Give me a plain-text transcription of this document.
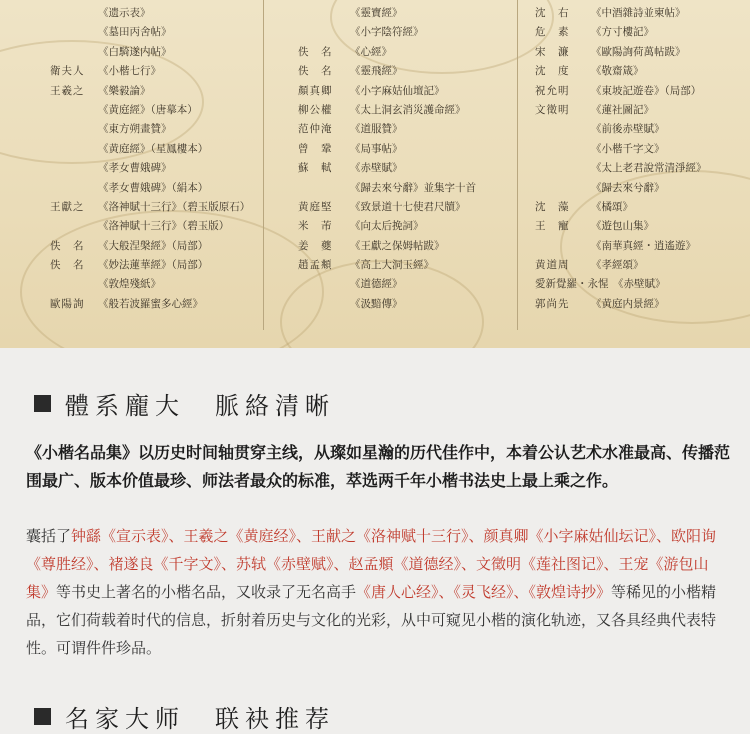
《遗示表》
《墓田丙舍帖》
《白騎遂内帖》
衛夫人	《小楷七行》
王羲之	《樂毅論》
《黄庭經》（唐摹本）
《東方朔畫贊》
《黄庭經》（星鳳樓本）
《孝女曹娥碑》
《孝女曹娥碑》（絹本）
王獻之	《洛神賦十三行》（碧玉版原石）
《洛神賦十三行》（碧玉版）
佚　名	《大般涅槃經》（局部）
佚　名	《妙法蓮華經》（局部）
《敦煌殘紙》
歐陽詢	《般若波羅蜜多心經》
《靈寶經》
《小字陰符經》
佚　名	《心經》
佚　名	《靈飛經》
顏真卿	《小字麻姑仙壇記》
柳公權	《太上洞玄消災護命經》
范仲淹	《道服贊》
曾　鞏	《局事帖》
蘇　軾	《赤壁賦》
《歸去來兮辭》並集字十首
黄庭堅	《致景道十七使君尺牘》
米　芾	《向太后挽詞》
姜　夔	《王獻之保姆帖跋》
趙孟頫	《高上大洞玉經》
《道德經》
《汲黯傳》
沈　右	《中酒雜詩並柬帖》
危　素	《方寸樓記》
宋　濂	《歐陽詢荷萬帖跋》
沈　度	《敬齋箴》
祝允明	《東坡記遊卷》（局部）
文徵明	《蓮社圖記》
《前後赤壁賦》
《小楷千字文》
《太上老君說常清淨經》
《歸去來兮辭》
沈　藻	《橘頌》
王　寵	《遊包山集》
《南華真經・逍遙遊》
黄道周	《孝經頌》
愛新覺羅・永惺 《赤壁賦》
郭尚先	《黄庭内景經》
體系龐大　脈絡清晰

《小楷名品集》以历史时间轴贯穿主线，从璨如星瀚的历代佳作中，本着公认艺术水准最高、传播范围最广、版本价值最珍、师法者最众的标准，萃选两千年小楷书法史上最上乘之作。

囊括了钟繇《宣示表》、王羲之《黄庭经》、王献之《洛神赋十三行》、颜真卿《小字麻姑仙坛记》、欧阳询《尊胜经》、褚遂良《千字文》、苏轼《赤壁赋》、赵孟頫《道德经》、文徵明《莲社图记》、王宠《游包山集》等书史上著名的小楷名品，又收录了无名高手《唐人心经》、《灵飞经》、《敦煌诗抄》等稀见的小楷精品，它们荷载着时代的信息，折射着历史与文化的光彩，从中可窥见小楷的演化轨迹，又各具经典代表特性。可谓件件珍品。

名家大师　联袂推荐
